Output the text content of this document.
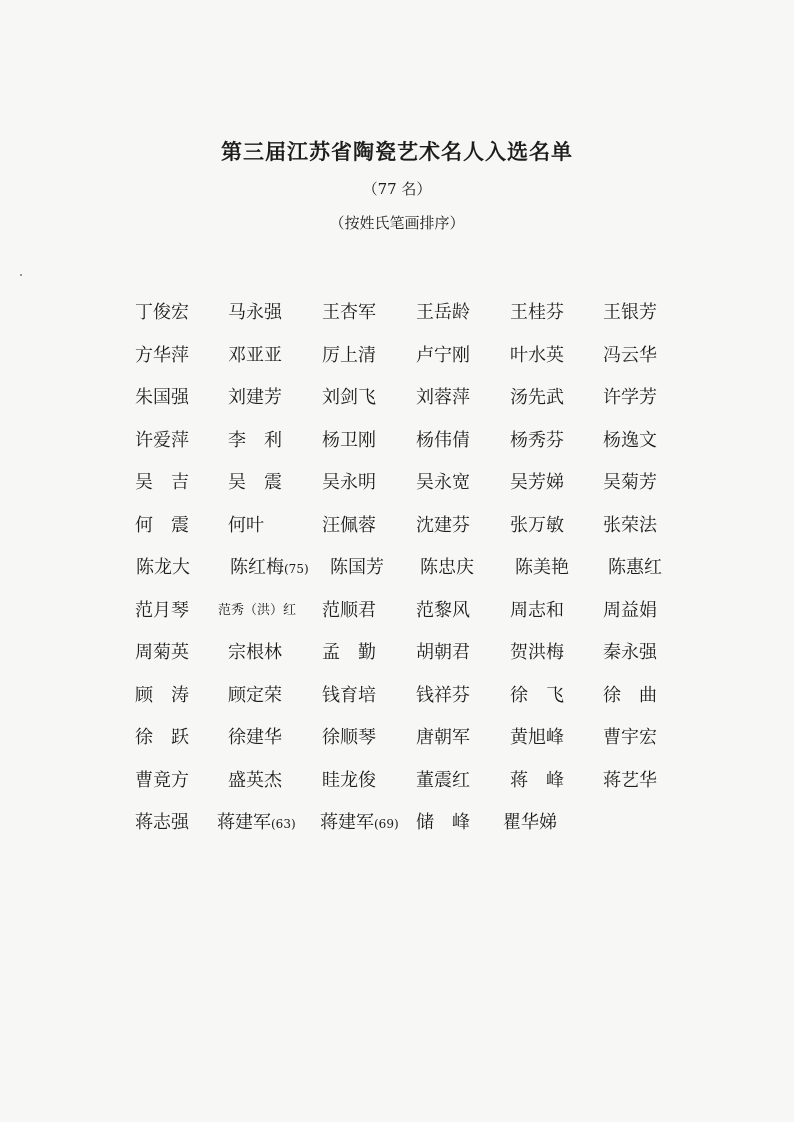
第三届江苏省陶瓷艺术名人入选名单
（77 名）
（按姓氏笔画排序）
丁俊宏 马永强 王杏军 王岳龄 王桂芬 王银芳
方华萍 邓亚亚 厉上清 卢宁刚 叶水英 冯云华
朱国强 刘建芳 刘剑飞 刘蓉萍 汤先武 许学芳
许爱萍 李　利 杨卫刚 杨伟倩 杨秀芬 杨逸文
吴　吉 吴　震 吴永明 吴永宽 吴芳娣 吴菊芳
何　震 何叶	汪佩蓉 沈建芬 张万敏 张荣法
陈龙大 陈红梅(75) 陈国芳 陈忠庆 陈美艳 陈惠红
范月琴 范秀（洪）红 范顺君 范黎风 周志和 周益娟
周菊英 宗根林 孟　勤 胡朝君 贺洪梅 秦永强
顾　涛 顾定荣 钱育培 钱祥芬 徐　飞 徐　曲
徐　跃 徐建华 徐顺琴 唐朝军 黄旭峰 曹宇宏
曹竟方 盛英杰 眭龙俊 董震红 蒋　峰 蒋艺华
蒋志强 蒋建军(63) 蒋建军(69) 储　峰 瞿华娣
